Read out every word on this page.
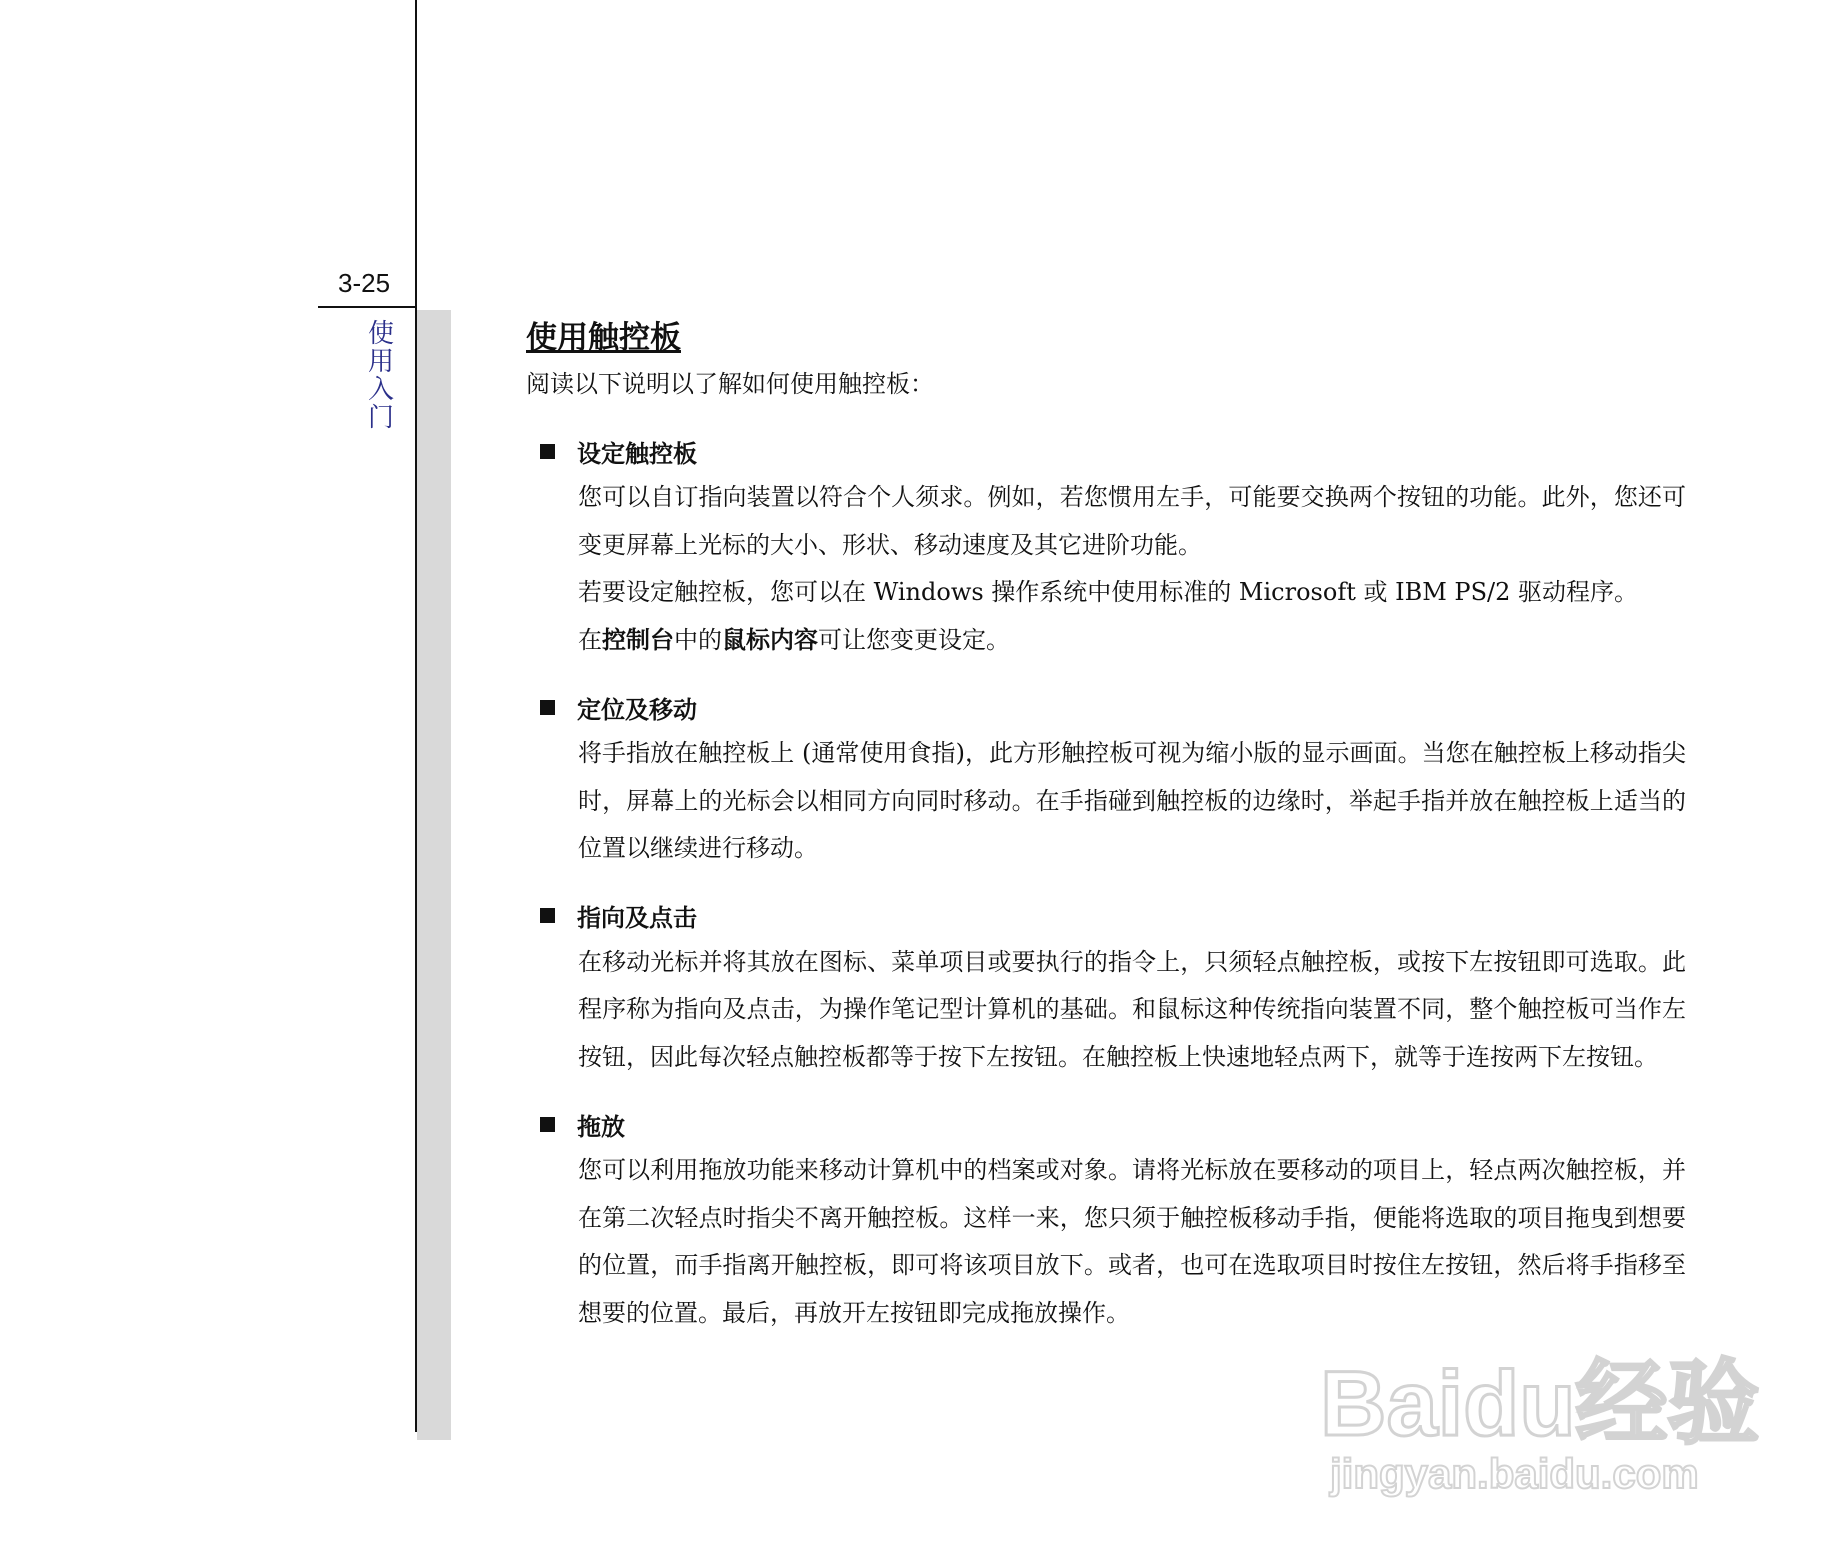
3-25
使
用
入
门
使用触控板

阅读以下说明以了解如何使用触控板：

设定触控板

您可以自订指向装置以符合个人须求。例如，若您惯用左手，可能要交换两个按钮的功能。此外，您还可变更屏幕上光标的大小、形状、移动速度及其它进阶功能。

若要设定触控板，您可以在 Windows 操作系统中使用标准的 Microsoft 或 IBM PS/2 驱动程序。

在控制台中的鼠标内容可让您变更设定。

定位及移动

将手指放在触控板上 (通常使用食指)，此方形触控板可视为缩小版的显示画面。当您在触控板上移动指尖时，屏幕上的光标会以相同方向同时移动。在手指碰到触控板的边缘时，举起手指并放在触控板上适当的位置以继续进行移动。

指向及点击

在移动光标并将其放在图标、菜单项目或要执行的指令上，只须轻点触控板，或按下左按钮即可选取。此程序称为指向及点击，为操作笔记型计算机的基础。和鼠标这种传统指向装置不同，整个触控板可当作左按钮，因此每次轻点触控板都等于按下左按钮。在触控板上快速地轻点两下，就等于连按两下左按钮。

拖放

您可以利用拖放功能来移动计算机中的档案或对象。请将光标放在要移动的项目上，轻点两次触控板，并在第二次轻点时指尖不离开触控板。这样一来，您只须于触控板移动手指，便能将选取的项目拖曳到想要的位置，而手指离开触控板，即可将该项目放下。或者，也可在选取项目时按住左按钮，然后将手指移至想要的位置。最后，再放开左按钮即完成拖放操作。

Baidu经验
jingyan.baidu.com
